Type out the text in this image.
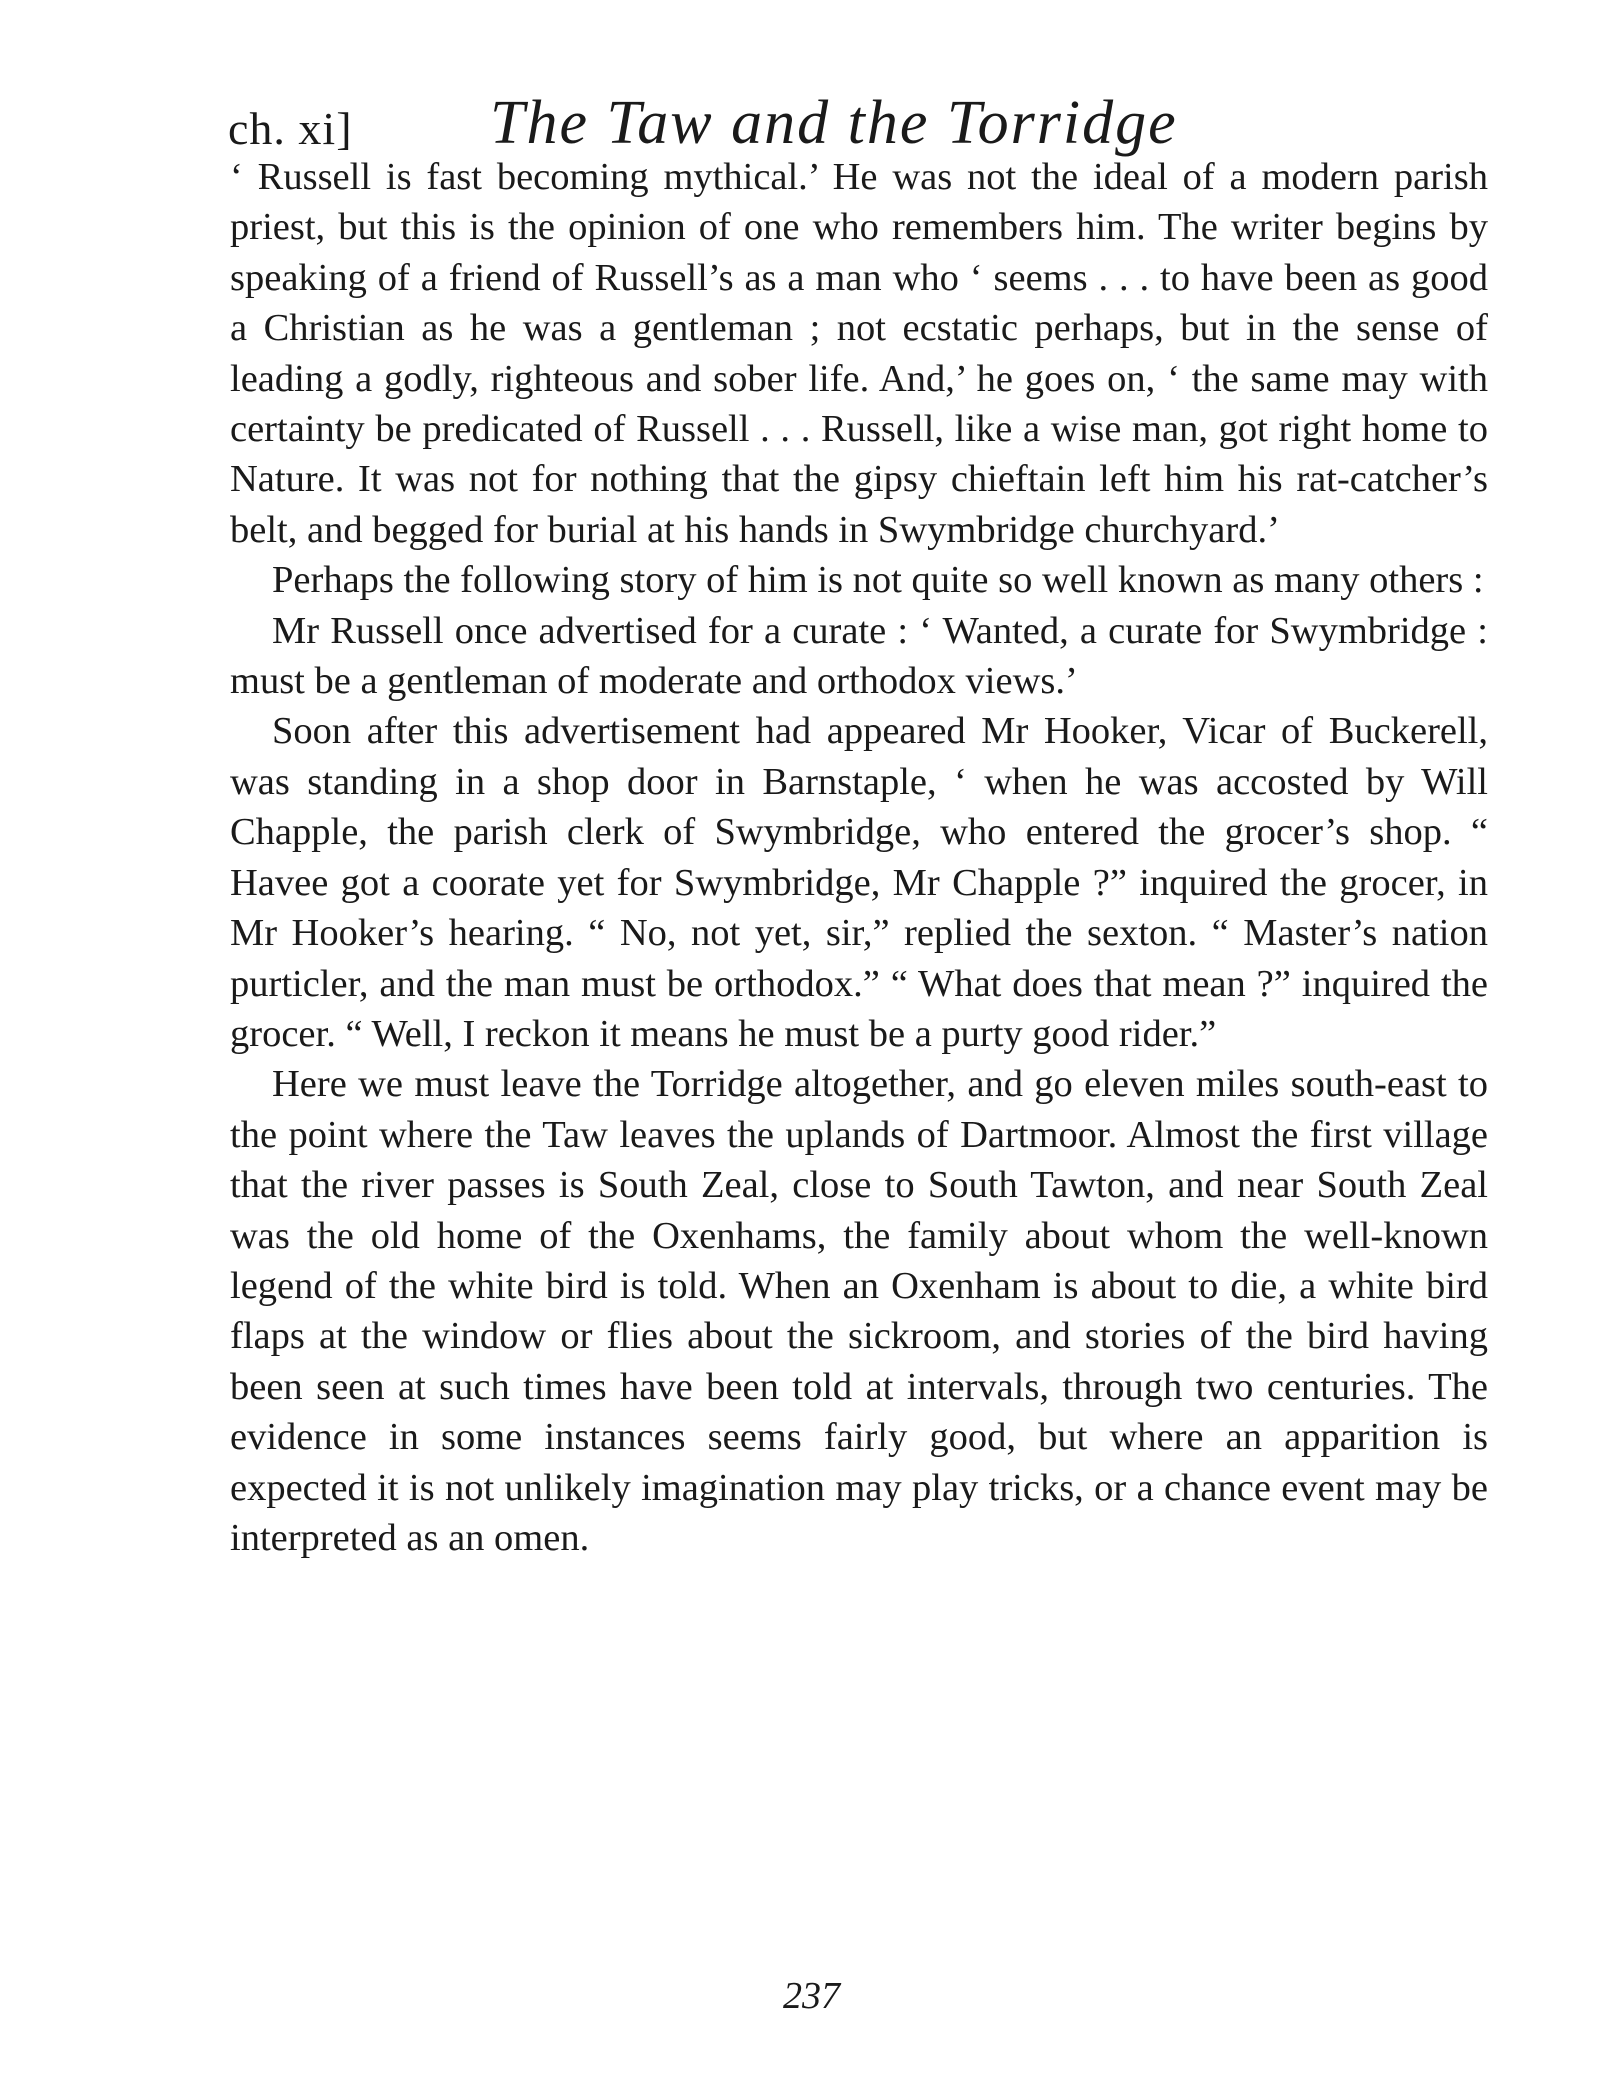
ch. xi] The Taw and the Torridge

‘ Russell is fast becoming mythical.’ He was not the ideal of a modern parish priest, but this is the opinion of one who remembers him. The writer begins by speaking of a friend of Russell’s as a man who ‘ seems . . . to have been as good a Christian as he was a gentleman ; not ecstatic perhaps, but in the sense of leading a godly, righteous and sober life. And,’ he goes on, ‘ the same may with certainty be predicated of Russell . . . Russell, like a wise man, got right home to Nature. It was not for nothing that the gipsy chieftain left him his rat-catcher’s belt, and begged for burial at his hands in Swymbridge churchyard.’

Perhaps the following story of him is not quite so well known as many others :

Mr Russell once advertised for a curate : ‘ Wanted, a curate for Swymbridge : must be a gentleman of moderate and orthodox views.’

Soon after this advertisement had appeared Mr Hooker, Vicar of Buckerell, was standing in a shop door in Barnstaple, ‘ when he was accosted by Will Chapple, the parish clerk of Swymbridge, who entered the grocer’s shop. “ Havee got a coorate yet for Swymbridge, Mr Chapple ?” inquired the grocer, in Mr Hooker’s hearing. “ No, not yet, sir,” replied the sexton. “ Master’s nation purticler, and the man must be orthodox.” “ What does that mean ?” inquired the grocer. “ Well, I reckon it means he must be a purty good rider.”

Here we must leave the Torridge altogether, and go eleven miles south-east to the point where the Taw leaves the uplands of Dartmoor. Almost the first village that the river passes is South Zeal, close to South Tawton, and near South Zeal was the old home of the Oxenhams, the family about whom the well-known legend of the white bird is told. When an Oxenham is about to die, a white bird flaps at the window or flies about the sickroom, and stories of the bird having been seen at such times have been told at intervals, through two centuries. The evidence in some instances seems fairly good, but where an apparition is expected it is not unlikely imagination may play tricks, or a chance event may be interpreted as an omen.

237
